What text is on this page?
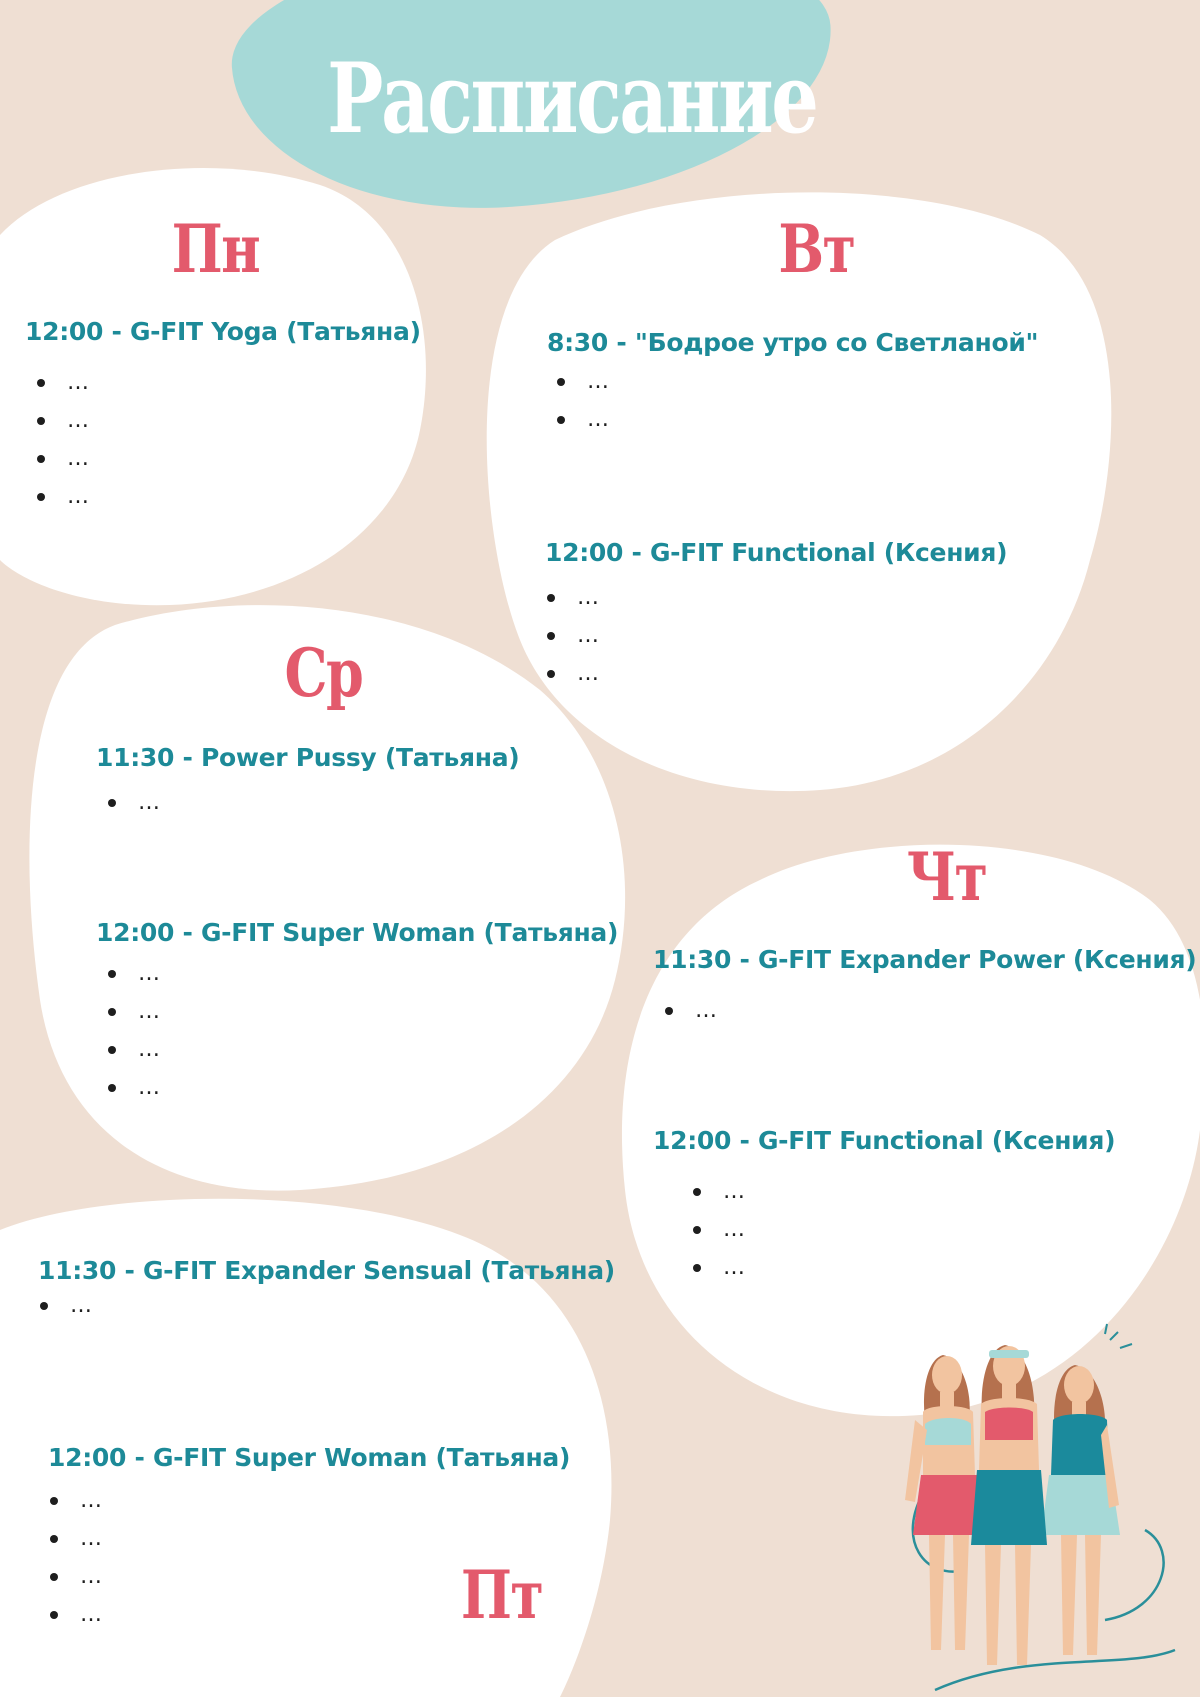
Расписание
Пн	Вт
Ср
Чт
Пт
12:00 - G-FIT Yoga (Татьяна)
…
…
…
…
8:30 - "Бодрое утро со Светланой"
…
…
12:00 - G-FIT Functional (Ксения)
…
…
…
11:30 - Power Pussy (Татьяна)
…
12:00 - G-FIT Super Woman (Татьяна)
…
…
…
…
11:30 - G-FIT Expander Power (Ксения)
…
12:00 - G-FIT Functional (Ксения)
…
…
…
11:30 - G-FIT Expander Sensual (Татьяна)
…
12:00 - G-FIT Super Woman (Татьяна)
…
…
…
…
